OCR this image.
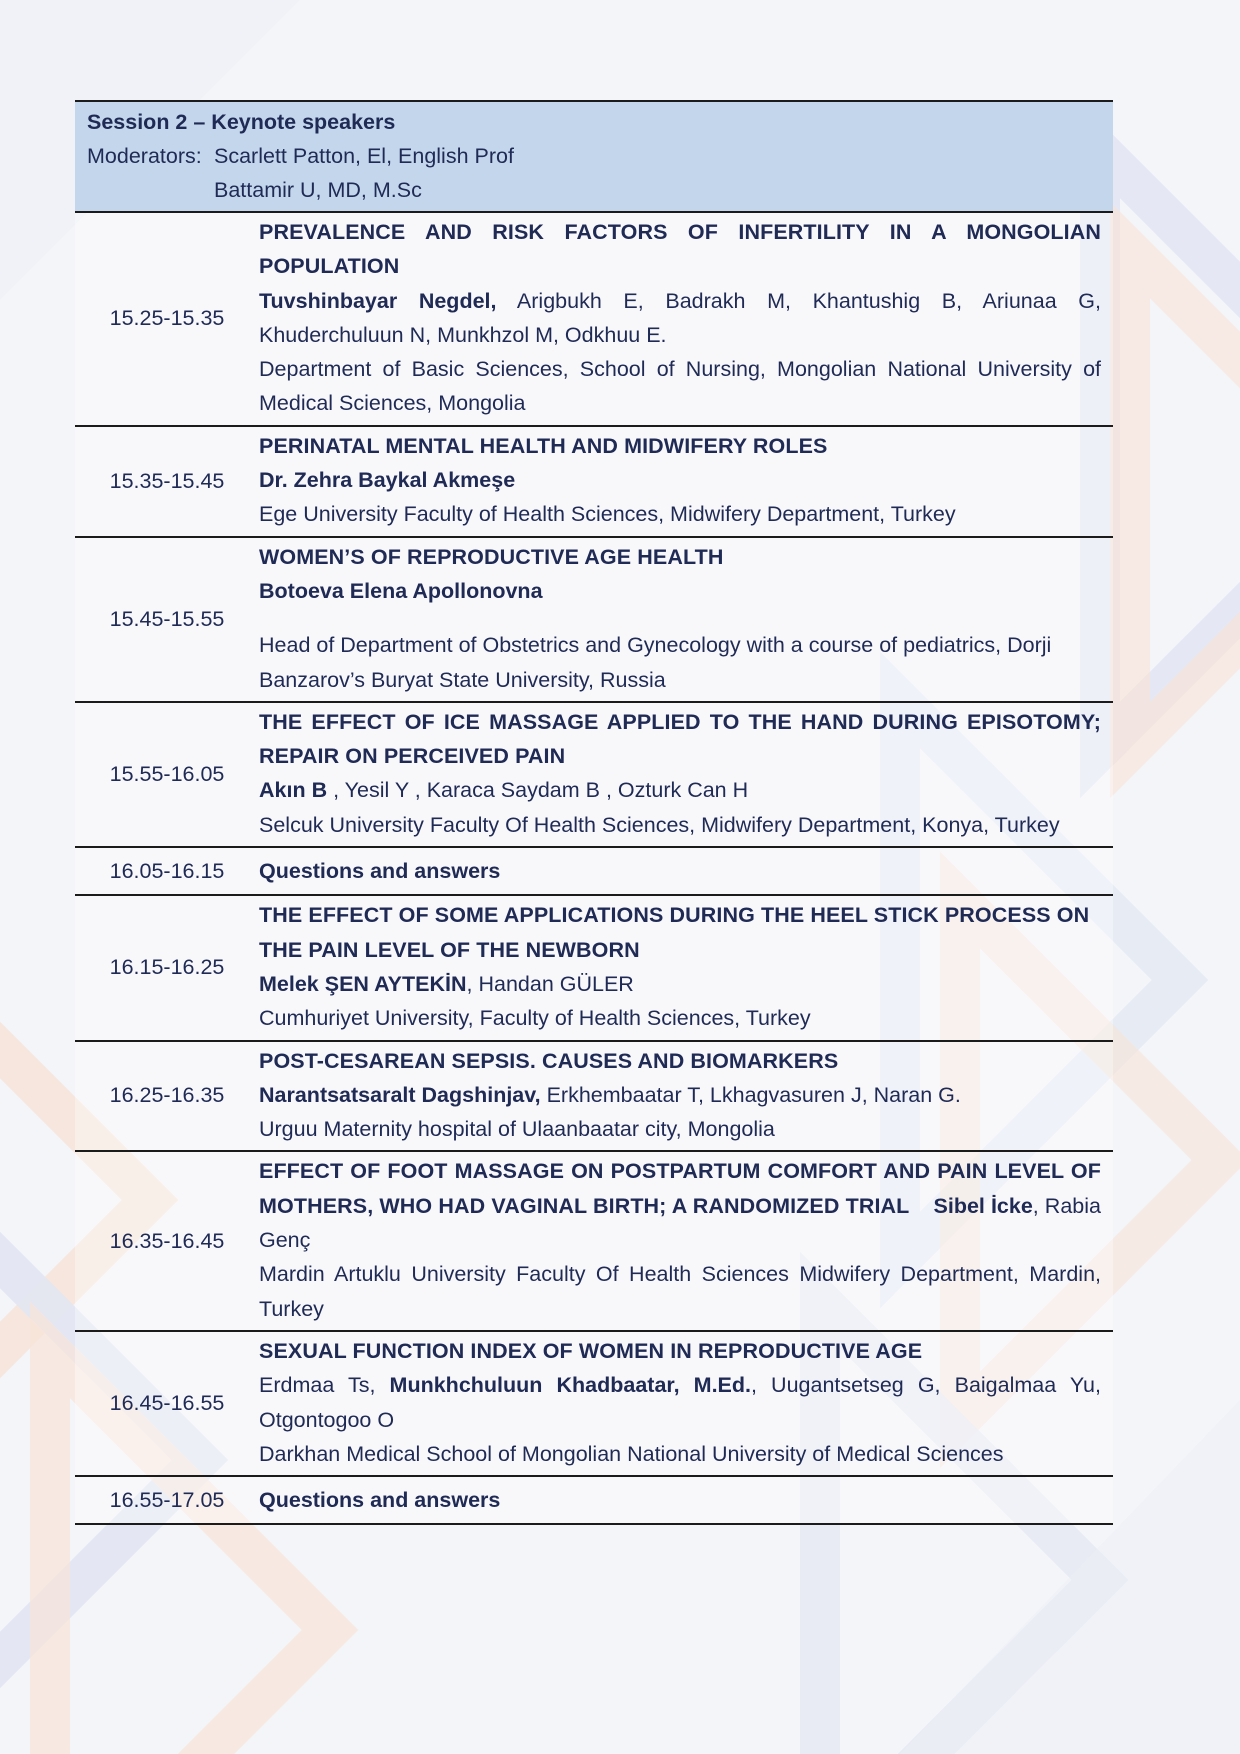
Session 2 – Keynote speakers
Moderators: Scarlett Patton, El, English Prof
Battamir U, MD, M.Sc
15.25-15.35
PREVALENCE AND RISK FACTORS OF INFERTILITY IN A MONGOLIAN POPULATION
Tuvshinbayar Negdel, Arigbukh E, Badrakh M, Khantushig B, Ariunaa G, Khuderchuluun N, Munkhzol M, Odkhuu E.
Department of Basic Sciences, School of Nursing, Mongolian National University of Medical Sciences, Mongolia
15.35-15.45
PERINATAL MENTAL HEALTH AND MIDWIFERY ROLES
Dr. Zehra Baykal Akmeşe
Ege University Faculty of Health Sciences, Midwifery Department, Turkey
15.45-15.55
WOMEN’S OF REPRODUCTIVE AGE HEALTH
Botoeva Elena Apollonovna
Head of Department of Obstetrics and Gynecology with a course of pediatrics, Dorji Banzarov’s Buryat State University, Russia
15.55-16.05
THE EFFECT OF ICE MASSAGE APPLIED TO THE HAND DURING EPISOTOMY; REPAIR ON PERCEIVED PAIN
Akın B , Yesil Y , Karaca Saydam B , Ozturk Can H
Selcuk University Faculty Of Health Sciences, Midwifery Department, Konya, Turkey
16.05-16.15	Questions and answers
16.15-16.25
THE EFFECT OF SOME APPLICATIONS DURING THE HEEL STICK PROCESS ON THE PAIN LEVEL OF THE NEWBORN
Melek ŞEN AYTEKİN, Handan GÜLER
Cumhuriyet University, Faculty of Health Sciences, Turkey
16.25-16.35
POST-CESAREAN SEPSIS. CAUSES AND BIOMARKERS
Narantsatsaralt Dagshinjav, Erkhembaatar T, Lkhagvasuren J, Naran G.
Urguu Maternity hospital of Ulaanbaatar city, Mongolia
16.35-16.45
EFFECT OF FOOT MASSAGE ON POSTPARTUM COMFORT AND PAIN LEVEL OF MOTHERS, WHO HAD VAGINAL BIRTH; A RANDOMIZED TRIAL Sibel İcke, Rabia Genç
Mardin Artuklu University Faculty Of Health Sciences Midwifery Department, Mardin, Turkey
16.45-16.55
SEXUAL FUNCTION INDEX OF WOMEN IN REPRODUCTIVE AGE
Erdmaa Ts, Munkhchuluun Khadbaatar, M.Ed., Uugantsetseg G, Baigalmaa Yu, Otgontogoo O
Darkhan Medical School of Mongolian National University of Medical Sciences
16.55-17.05	Questions and answers
